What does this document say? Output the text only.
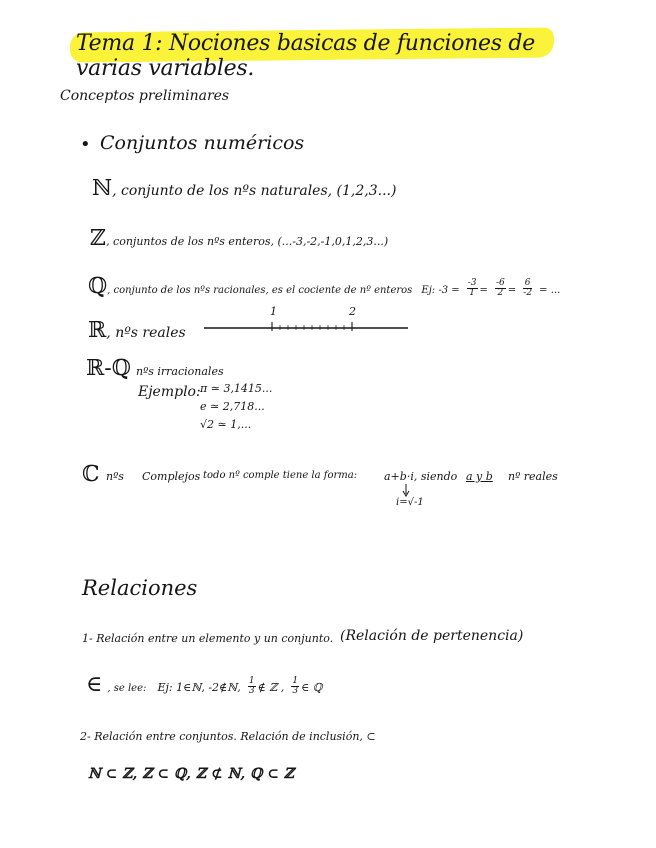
Tema 1: Nociones basicas de funciones de varias variables.
Conceptos preliminares
• Conjuntos numéricos
ℕ, conjunto de los nºs naturales, (1,2,3...)
ℤ, conjuntos de los nºs enteros, (...-3,-2,-1,0,1,2,3...)
ℚ, conjunto de los nºs racionales, es el cociente de nº enteros Ej: $-3 = \frac{-3}{1} = \frac{-6}{2} = \frac{6}{-2}$ = ...
ℝ, nºs reales
1	2
ℝ-ℚ nºs irracionales
Ejemplo: π ≃ 3,1415...
e ≃ 2,718...
√2 ≃ 1,...
ℂ nºs Complejos todo nº comple tiene la forma: a+b·i, siendo a y b nº reales
i=√-1
Relaciones
1- Relación entre un elemento y un conjunto. (Relación de pertenencia)
∈ , se lee: Ej: 1∈ℕ, -2∉ℕ, $\frac{1}{3}$ ∉ ℤ , $\frac{1}{3}$ ∈ ℚ
2- Relación entre conjuntos. Relación de inclusión, ⊂
ℕ ⊂ ℤ, ℤ ⊂ ℚ, ℤ ⊄ ℕ, ℚ ⊂ ℤ
